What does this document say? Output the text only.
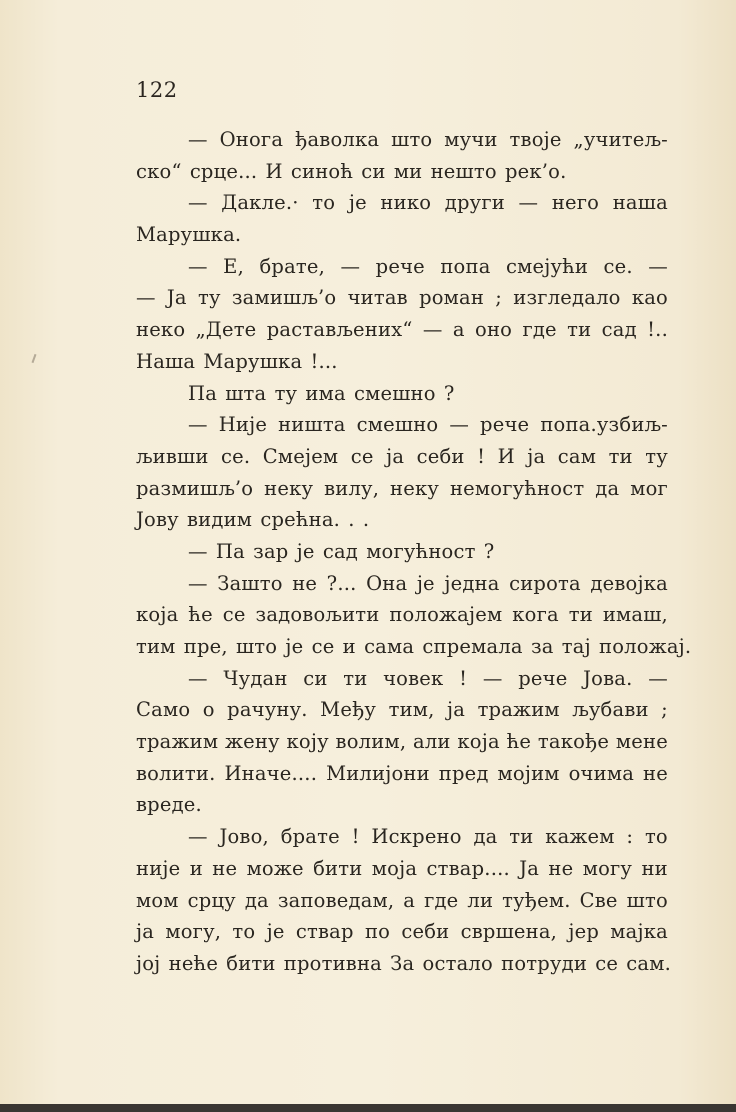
122
— Онога ђаволка што мучи твоје „учитељ-
ско“ срце... И синоћ си ми нешто рек’о.
— Дакле.· то је нико други — него наша
Марушка.
— Е, брате, — рече попа смејући се. —
— Ја ту замишљ’о читав роман ; изгледало као
неко „Дете растављених“ — а оно где ти сад !..
Наша Марушка !...
Па шта ту има смешно ?
— Није ништа смешно — рече попа.узбиљ-
љивши се. Смејем се ја себи ! И ја сам ти ту
размишљ’о неку вилу, неку немогућност да мог
Јову видим срећна. . .
— Па зар је сад могућност ?
— Зашто не ?... Она је једна сирота девојка
која ће се задовољити положајем кога ти имаш,
тим пре, што је се и сама спремала за тај положај.
— Чудан си ти човек ! — рече Јова. —
Само о рачуну. Међу тим, ја тражим љубави ;
тражим жену коју волим, али која ће такође мене
волити. Иначе.... Милијони пред мојим очима не
вреде.
— Јово, брате ! Искрено да ти кажем : то
није и не може бити моја ствар.... Ја не могу ни
мом срцу да заповедам, а где ли туђем. Све што
ја могу, то је ствар по себи свршена, јер мајка
јој неће бити противна За остало потруди се сам.
